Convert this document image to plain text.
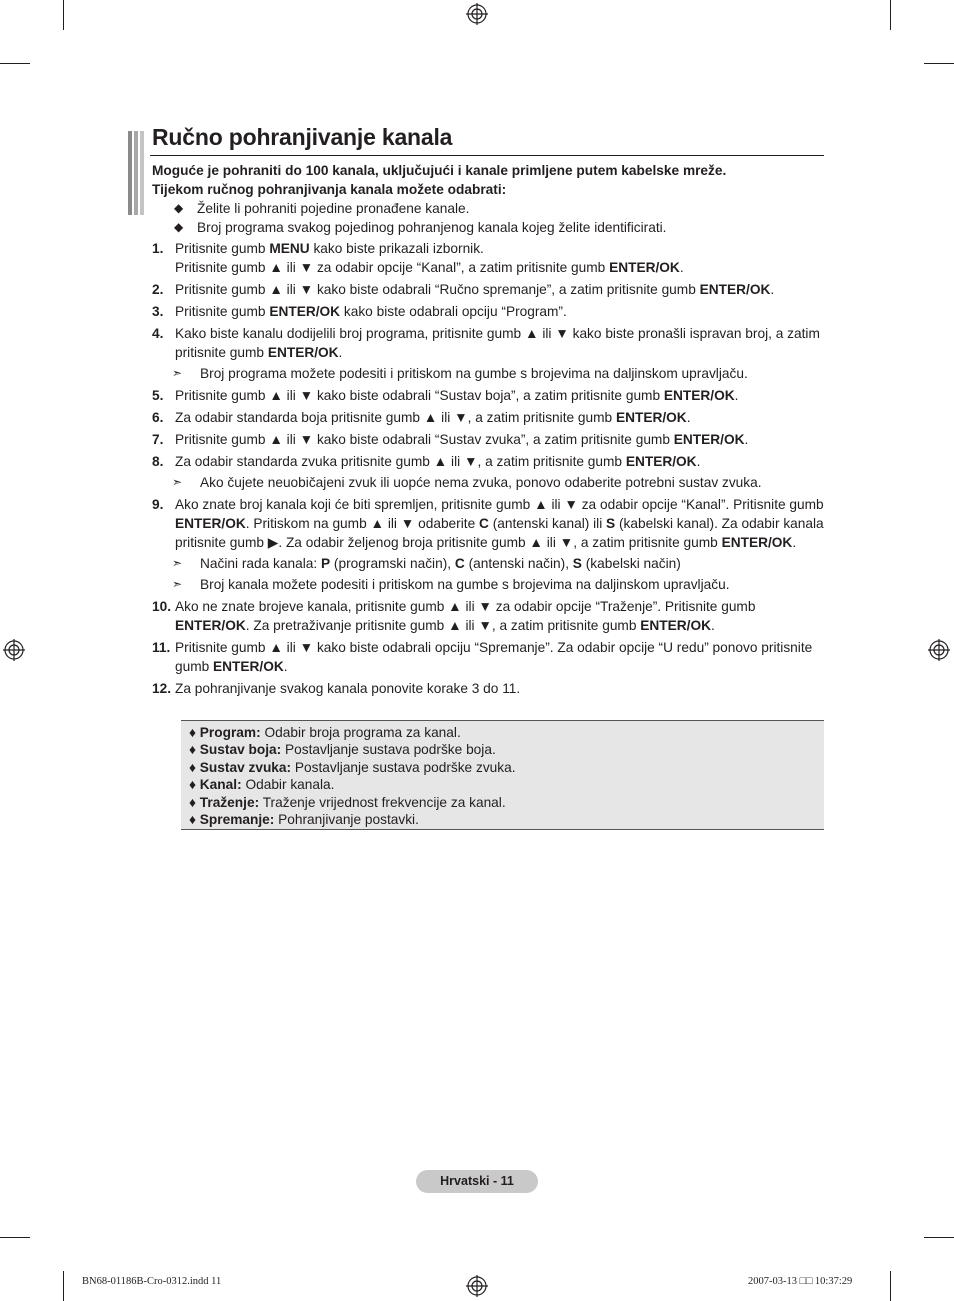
Ručno pohranjivanje kanala

Moguće je pohraniti do 100 kanala, uključujući i kanale primljene putem kabelske mreže.

Tijekom ručnog pohranjivanja kanala možete odabrati:

◆ Želite li pohraniti pojedine pronađene kanale.
◆ Broj programa svakog pojedinog pohranjenog kanala kojeg želite identificirati.
1. Pritisnite gumb MENU kako biste prikazali izbornik.

Pritisnite gumb ▲ ili ▼ za odabir opcije “Kanal”, a zatim pritisnite gumb ENTER/OK.

2. Pritisnite gumb ▲ ili ▼ kako biste odabrali “Ručno spremanje”, a zatim pritisnite gumb ENTER/OK.

3. Pritisnite gumb ENTER/OK kako biste odabrali opciju “Program”.

4. Kako biste kanalu dodijelili broj programa, pritisnite gumb ▲ ili ▼ kako biste pronašli ispravan broj, a zatim pritisnite gumb ENTER/OK.

➣ Broj programa možete podesiti i pritiskom na gumbe s brojevima na daljinskom upravljaču.
5. Pritisnite gumb ▲ ili ▼ kako biste odabrali “Sustav boja”, a zatim pritisnite gumb ENTER/OK.

6. Za odabir standarda boja pritisnite gumb ▲ ili ▼, a zatim pritisnite gumb ENTER/OK.

7. Pritisnite gumb ▲ ili ▼ kako biste odabrali “Sustav zvuka”, a zatim pritisnite gumb ENTER/OK.

8. Za odabir standarda zvuka pritisnite gumb ▲ ili ▼, a zatim pritisnite gumb ENTER/OK.

➣ Ako čujete neuobičajeni zvuk ili uopće nema zvuka, ponovo odaberite potrebni sustav zvuka.
9. Ako znate broj kanala koji će biti spremljen, pritisnite gumb ▲ ili ▼ za odabir opcije “Kanal”. Pritisnite gumb ENTER/OK. Pritiskom na gumb ▲ ili ▼ odaberite C (antenski kanal) ili S (kabelski kanal). Za odabir kanala pritisnite gumb ▶. Za odabir željenog broja pritisnite gumb ▲ ili ▼, a zatim pritisnite gumb ENTER/OK.

➣ Načini rada kanala: P (programski način), C (antenski način), S (kabelski način)
➣ Broj kanala možete podesiti i pritiskom na gumbe s brojevima na daljinskom upravljaču.
10. Ako ne znate brojeve kanala, pritisnite gumb ▲ ili ▼ za odabir opcije “Traženje”. Pritisnite gumb ENTER/OK. Za pretraživanje pritisnite gumb ▲ ili ▼, a zatim pritisnite gumb ENTER/OK.

11. Pritisnite gumb ▲ ili ▼ kako biste odabrali opciju “Spremanje”. Za odabir opcije “U redu” ponovo pritisnite gumb ENTER/OK.

12. Za pohranjivanje svakog kanala ponovite korake 3 do 11.

♦ Program: Odabir broja programa za kanal.
♦ Sustav boja: Postavljanje sustava podrške boja.
♦ Sustav zvuka: Postavljanje sustava podrške zvuka.
♦ Kanal: Odabir kanala.
♦ Traženje: Traženje vrijednost frekvencije za kanal.
♦ Spremanje: Pohranjivanje postavki.
Hrvatski - 11
BN68-01186B-Cro-0312.indd 11	2007-03-13 □□ 10:37:29
